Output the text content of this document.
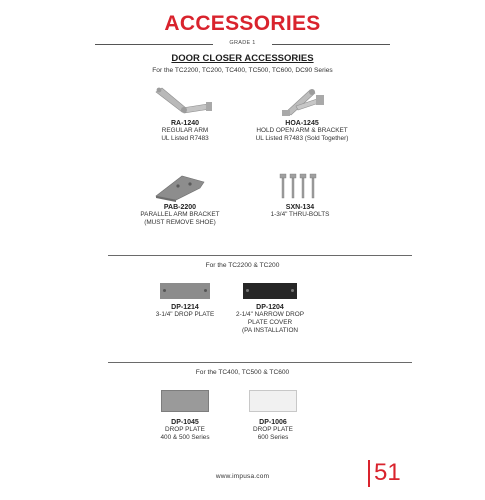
ACCESSORIES
GRADE 1
DOOR CLOSER ACCESSORIES
For the TC2200, TC200, TC400, TC500, TC600, DC90 Series
RA-1240
REGULAR ARM
UL Listed R7483
HOA-1245
HOLD OPEN ARM & BRACKET
UL Listed R7483 (Sold Together)
PAB-2200
PARALLEL ARM BRACKET
(MUST REMOVE SHOE)
SXN-134
1-3/4" THRU-BOLTS
For the TC2200 & TC200
DP-1214
3-1/4" DROP PLATE
DP-1204
2-1/4" NARROW DROP
PLATE COVER
(PA INSTALLATION
For the TC400, TC500 & TC600
DP-1045
DROP PLATE
400 & 500 Series
DP-1006
DROP PLATE
600 Series
www.impusa.com	51
